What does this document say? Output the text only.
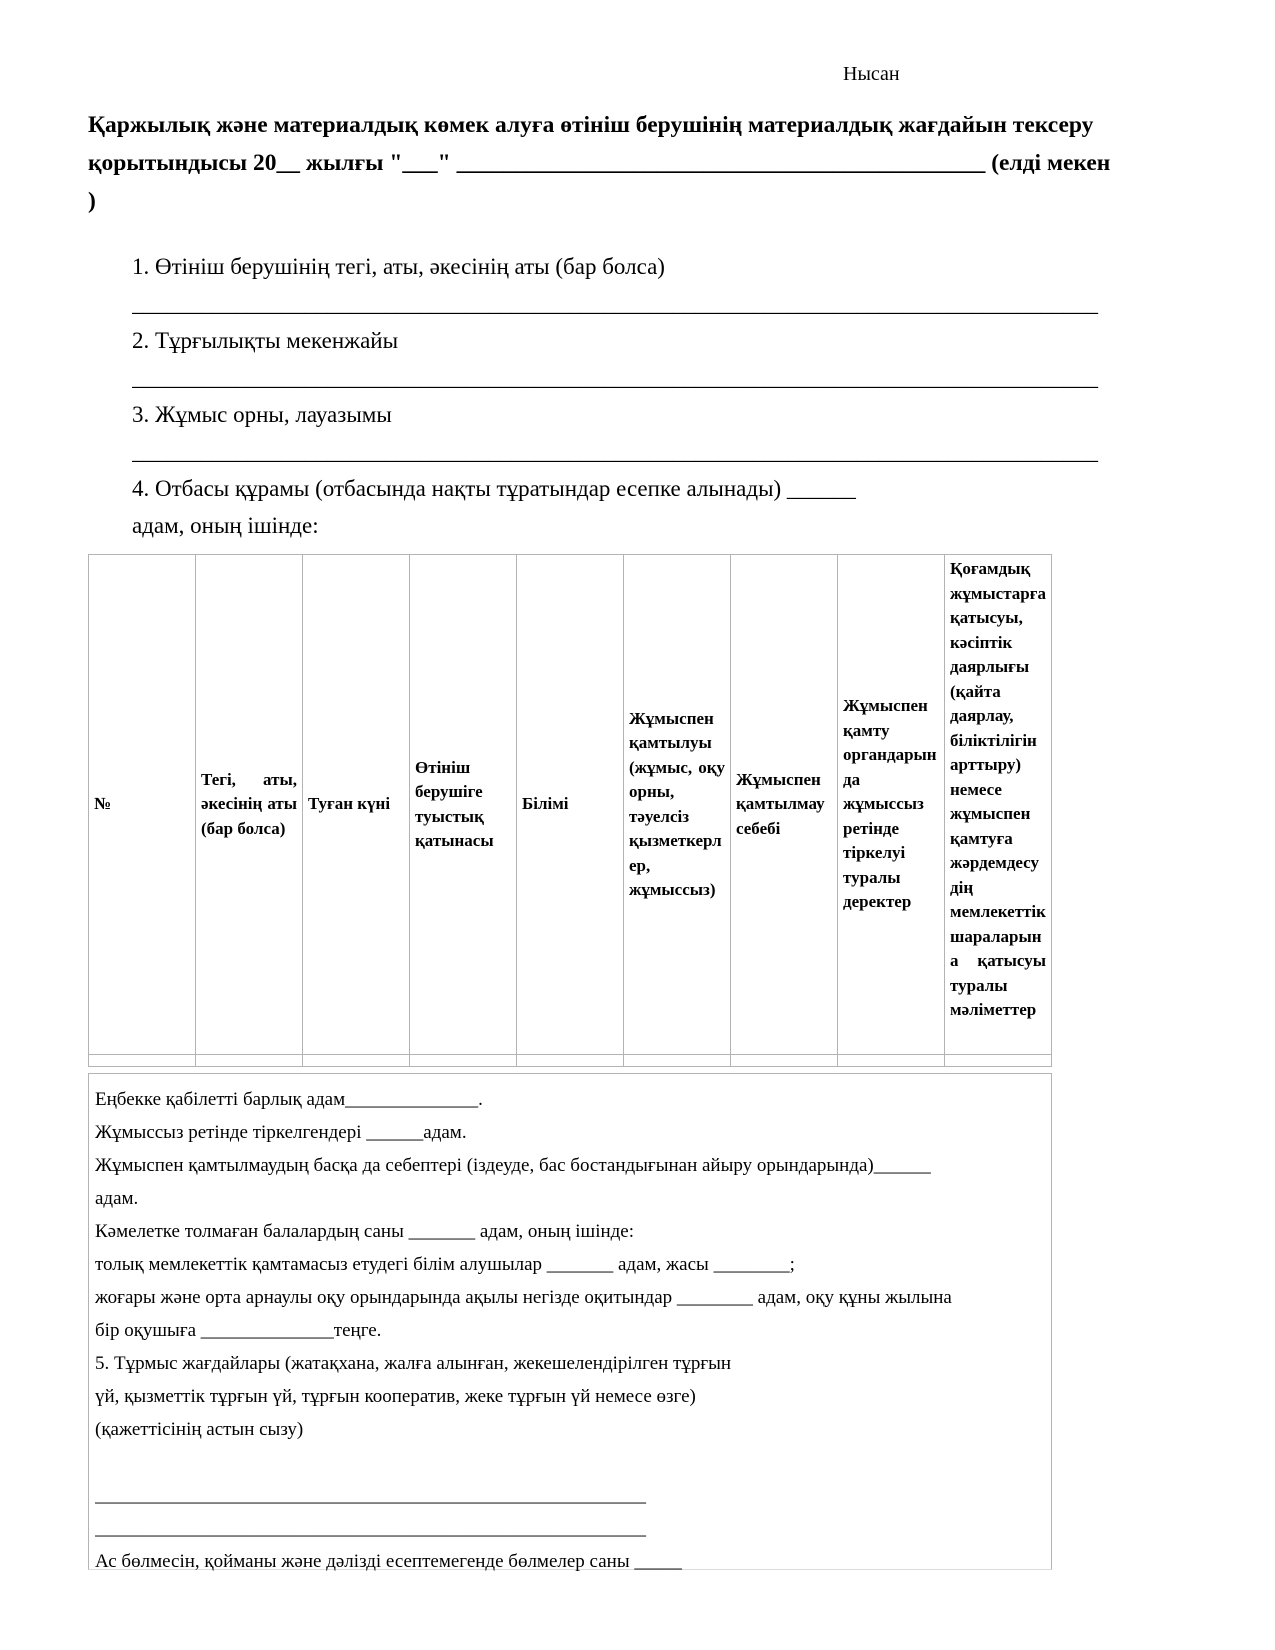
Нысан
Қаржылық және материалдық көмек алуға өтініш берушінің материалдық жағдайын тексеру
қорытындысы 20__ жылғы "___" _____________________________________________ (елді мекен
)
1. Өтініш берушінің тегі, аты, әкесінің аты (бар болса)
____________________________________________________________________________________
2. Тұрғылықты мекенжайы
____________________________________________________________________________________
3. Жұмыс орны, лауазымы
____________________________________________________________________________________
4. Отбасы құрамы (отбасында нақты тұратындар есепке алынады) ______
адам, оның ішінде:
№	Тегі, аты, әкесінің аты (бар болса)	Туған күні	Өтініш берушіге туыстық қатынасы	Білімі	Жұмыспен қамтылуы (жұмыс, оқу орны, тәуелсіз қызметкерлер, жұмыссыз)	Жұмыспен қамтылмау себебі	Жұмыспен қамту органдарында жұмыссыз ретінде тіркелуі туралы деректер	Қоғамдық жұмыстарға қатысуы, кәсіптік даярлығы (қайта даярлау, біліктілігін арттыру) немесе жұмыспен қамтуға жәрдемдесудің мемлекеттік шараларына қатысуы туралы мәліметтер

Еңбекке қабілетті барлық адам______________.
Жұмыссыз ретінде тіркелгендері ______адам.
Жұмыспен қамтылмаудың басқа да себептері (іздеуде, бас бостандығынан айыру орындарында)______
адам.
Кәмелетке толмаған балалардың саны _______ адам, оның ішінде:
толық мемлекеттік қамтамасыз етудегі білім алушылар _______ адам, жасы ________;
жоғары және орта арнаулы оқу орындарында ақылы негізде оқитындар ________ адам, оқу құны жылына
бір оқушыға ______________теңге.
5. Тұрмыс жағдайлары (жатақхана, жалға алынған, жекешелендірілген тұрғын
үй, қызметтік тұрғын үй, тұрғын кооператив, жеке тұрғын үй немесе өзге)
(қажеттісінің астын сызу)
__________________________________________________________
__________________________________________________________
Ас бөлмесін, қойманы және дәлізді есептемегенде бөлмелер саны _____
